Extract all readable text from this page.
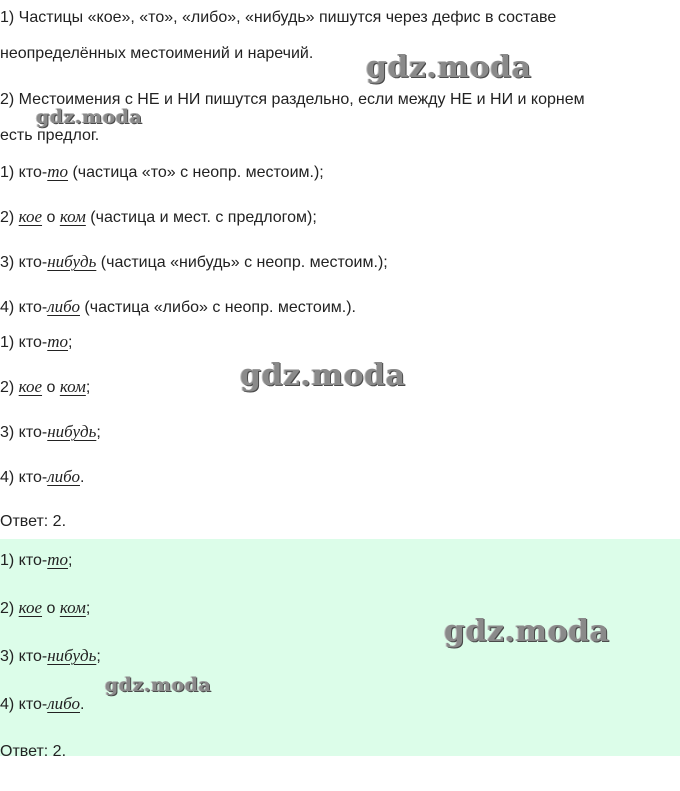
1) Частицы «кое», «то», «либо», «нибудь» пишутся через дефис в составе
неопределённых местоимений и наречий.
2) Местоимения с НЕ и НИ пишутся раздельно, если между НЕ и НИ и корнем
есть предлог.
1) кто-то (частица «то» с неопр. местоим.);
2) кое о ком (частица и мест. с предлогом);
3) кто-нибудь (частица «нибудь» с неопр. местоим.);
4) кто-либо (частица «либо» с неопр. местоим.).
1) кто-то;
2) кое о ком;
3) кто-нибудь;
4) кто-либо.
Ответ: 2.
1) кто-то;
2) кое о ком;
3) кто-нибудь;
4) кто-либо.
Ответ: 2.
gdz.moda
gdz.moda
gdz.moda
gdz.moda
gdz.moda
